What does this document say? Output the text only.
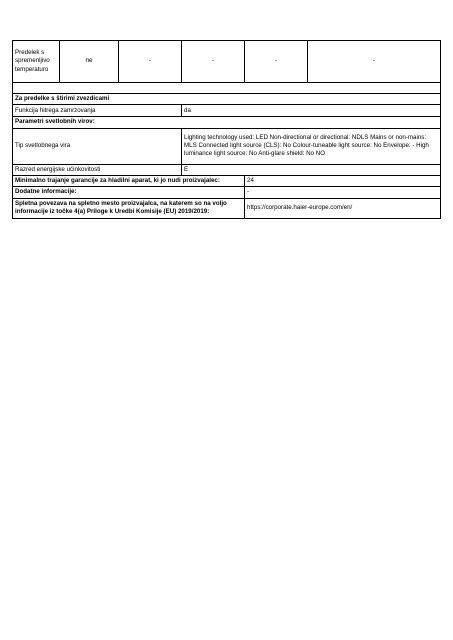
Predelek s spremenljivo temperaturo	ne	-	-	-	-

Za predelke s štirimi zvezdicami					
Funkcija hitrega zamrzovanja			da		
Parametri svetlobnih virov:					
Tip svetlobnega vira			Lighting technology used: LED Non-directional or directional: NDLS Mains or non-mains: MLS Connected light source (CLS): No Colour-tuneable light source: No Envelope: - High luminance light source: No Anti-glare shield: No NO		
Razred energijske učinkovitosti			E		
Minimalno trajanje garancije za hladilni aparat, ki jo nudi proizvajalec:				24	
Dodatne informacije:				-	
Spletna povezava na spletno mesto proizvajalca, na katerem so na voljo informacije iz točke 4(a) Priloge k Uredbi Komisije (EU) 2019/2019:				https://corporate.haier-europe.com/en/	
